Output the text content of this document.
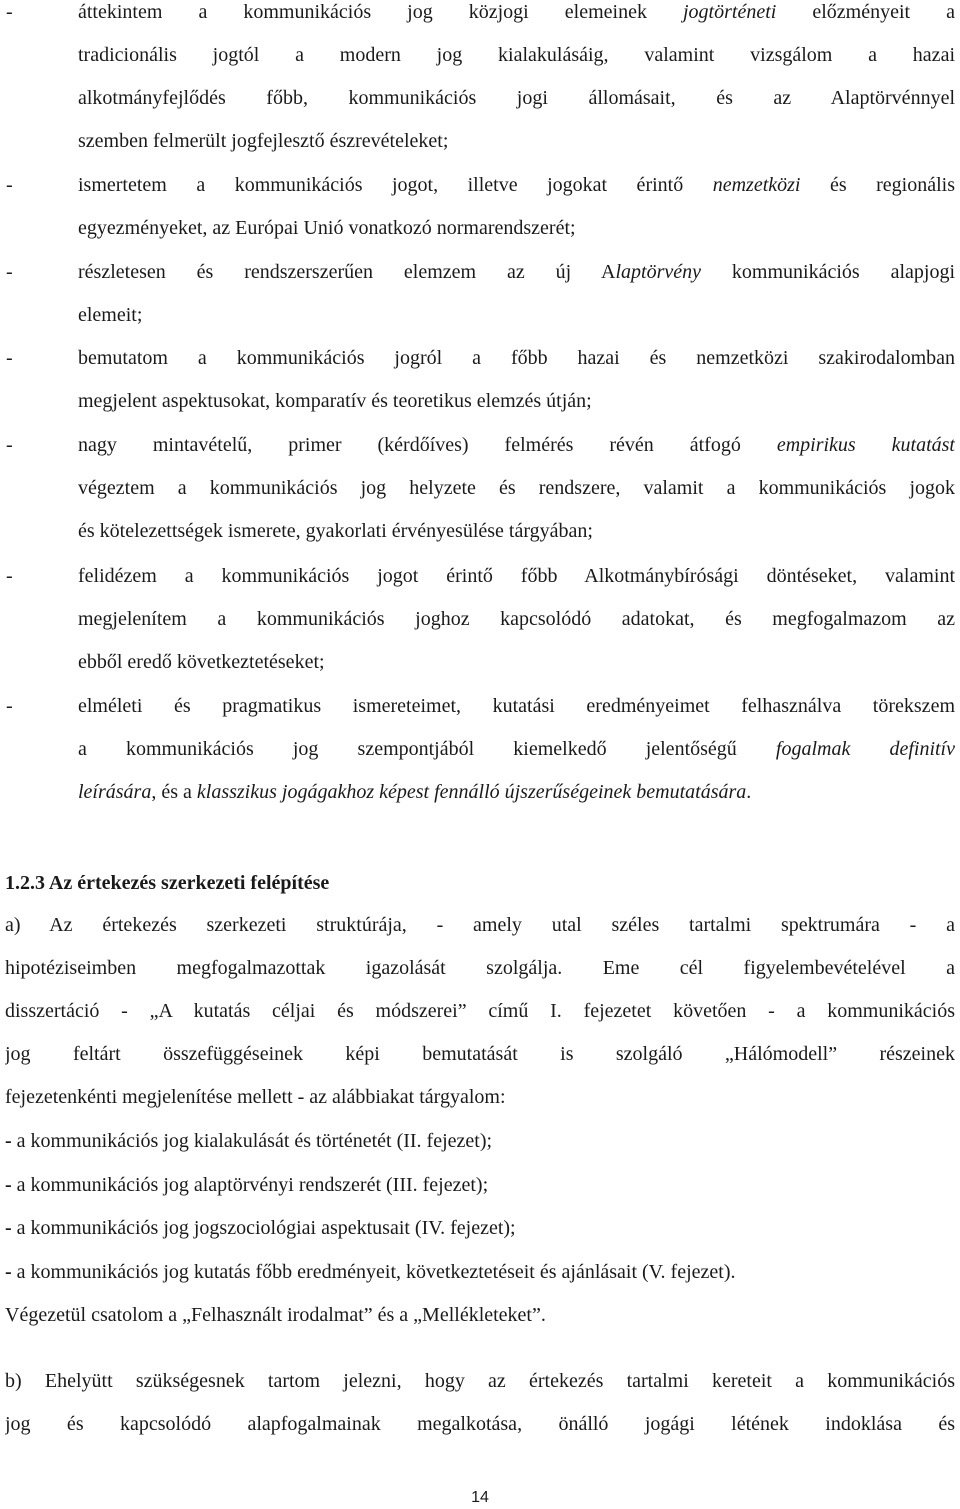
-	áttekintem a kommunikációs jog közjogi elemeinek jogtörténeti előzményeit a
tradicionális jogtól a modern jog kialakulásáig, valamint vizsgálom a hazai
alkotmányfejlődés főbb, kommunikációs jogi állomásait, és az Alaptörvénnyel
szemben felmerült jogfejlesztő észrevételeket;
-	ismertetem a kommunikációs jogot, illetve jogokat érintő nemzetközi és regionális
egyezményeket, az Európai Unió vonatkozó normarendszerét;
-	részletesen és rendszerszerűen elemzem az új Alaptörvény kommunikációs alapjogi
elemeit;
-	bemutatom a kommunikációs jogról a főbb hazai és nemzetközi szakirodalomban
megjelent aspektusokat, komparatív és teoretikus elemzés útján;
-	nagy mintavételű, primer (kérdőíves) felmérés révén átfogó empirikus kutatást
végeztem a kommunikációs jog helyzete és rendszere, valamit a kommunikációs jogok
és kötelezettségek ismerete, gyakorlati érvényesülése tárgyában;
-	felidézem a kommunikációs jogot érintő főbb Alkotmánybírósági döntéseket, valamint
megjelenítem a kommunikációs joghoz kapcsolódó adatokat, és megfogalmazom az
ebből eredő következtetéseket;
-	elméleti és pragmatikus ismereteimet, kutatási eredményeimet felhasználva törekszem
a kommunikációs jog szempontjából kiemelkedő jelentőségű fogalmak definitív
leírására, és a klasszikus jogágakhoz képest fennálló újszerűségeinek bemutatására.
1.2.3 Az értekezés szerkezeti felépítése
a) Az értekezés szerkezeti struktúrája, - amely utal széles tartalmi spektrumára - a
hipotéziseimben megfogalmazottak igazolását szolgálja. Eme cél figyelembevételével a
disszertáció - „A kutatás céljai és módszerei” című I. fejezetet követően - a kommunikációs
jog feltárt összefüggéseinek képi bemutatását is szolgáló „Hálómodell” részeinek
fejezetenkénti megjelenítése mellett - az alábbiakat tárgyalom:
- a kommunikációs jog kialakulását és történetét (II. fejezet);
- a kommunikációs jog alaptörvényi rendszerét (III. fejezet);
- a kommunikációs jog jogszociológiai aspektusait (IV. fejezet);
- a kommunikációs jog kutatás főbb eredményeit, következtetéseit és ajánlásait (V. fejezet).
Végezetül csatolom a „Felhasznált irodalmat” és a „Mellékleteket”.
b) Ehelyütt szükségesnek tartom jelezni, hogy az értekezés tartalmi kereteit a kommunikációs
jog és kapcsolódó alapfogalmainak megalkotása, önálló jogági létének indoklása és
14
